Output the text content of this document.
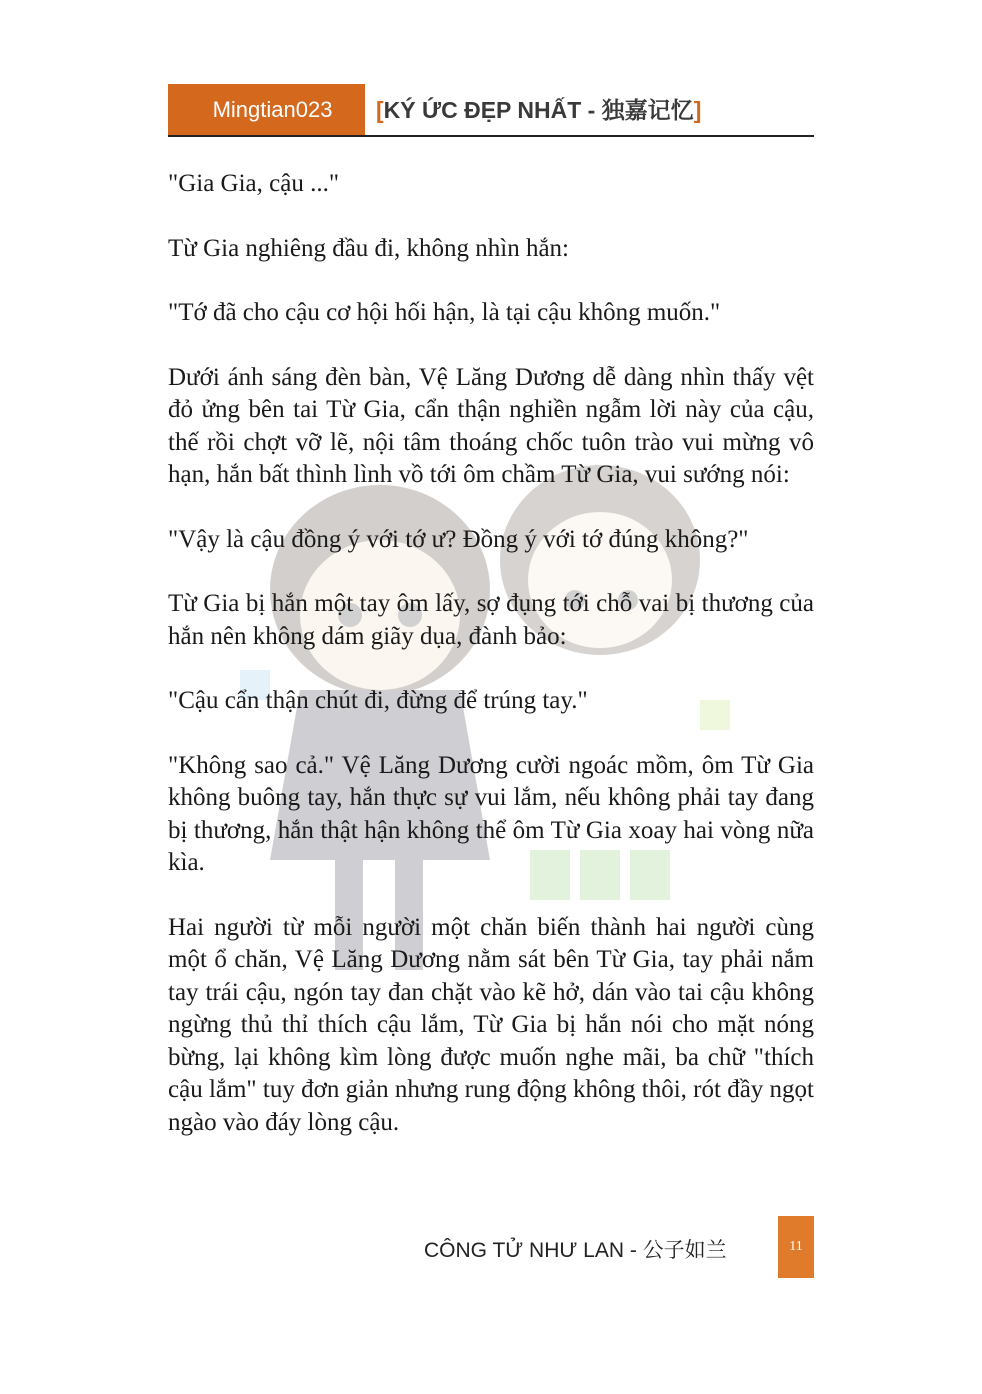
Mingtian023	[KÝ ỨC ĐẸP NHẤT - 独嘉记忆]

"Gia Gia, cậu ..."

Từ Gia nghiêng đầu đi, không nhìn hắn:

"Tớ đã cho cậu cơ hội hối hận, là tại cậu không muốn."

Dưới ánh sáng đèn bàn, Vệ Lăng Dương dễ dàng nhìn thấy vệt đỏ ửng bên tai Từ Gia, cẩn thận nghiền ngẫm lời này của cậu, thế rồi chợt vỡ lẽ, nội tâm thoáng chốc tuôn trào vui mừng vô hạn, hắn bất thình lình vồ tới ôm chầm Từ Gia, vui sướng nói:

"Vậy là cậu đồng ý với tớ ư? Đồng ý với tớ đúng không?"

Từ Gia bị hắn một tay ôm lấy, sợ đụng tới chỗ vai bị thương của hắn nên không dám giãy dụa, đành bảo:

"Cậu cẩn thận chút đi, đừng để trúng tay."

"Không sao cả." Vệ Lăng Dương cười ngoác mồm, ôm Từ Gia không buông tay, hắn thực sự vui lắm, nếu không phải tay đang bị thương, hắn thật hận không thể ôm Từ Gia xoay hai vòng nữa kìa.

Hai người từ mỗi người một chăn biến thành hai người cùng một ổ chăn, Vệ Lăng Dương nằm sát bên Từ Gia, tay phải nắm tay trái cậu, ngón tay đan chặt vào kẽ hở, dán vào tai cậu không ngừng thủ thỉ thích cậu lắm, Từ Gia bị hắn nói cho mặt nóng bừng, lại không kìm lòng được muốn nghe mãi, ba chữ "thích cậu lắm" tuy đơn giản nhưng rung động không thôi, rót đầy ngọt ngào vào đáy lòng cậu.

CÔNG TỬ NHƯ LAN - 公子如兰	11
